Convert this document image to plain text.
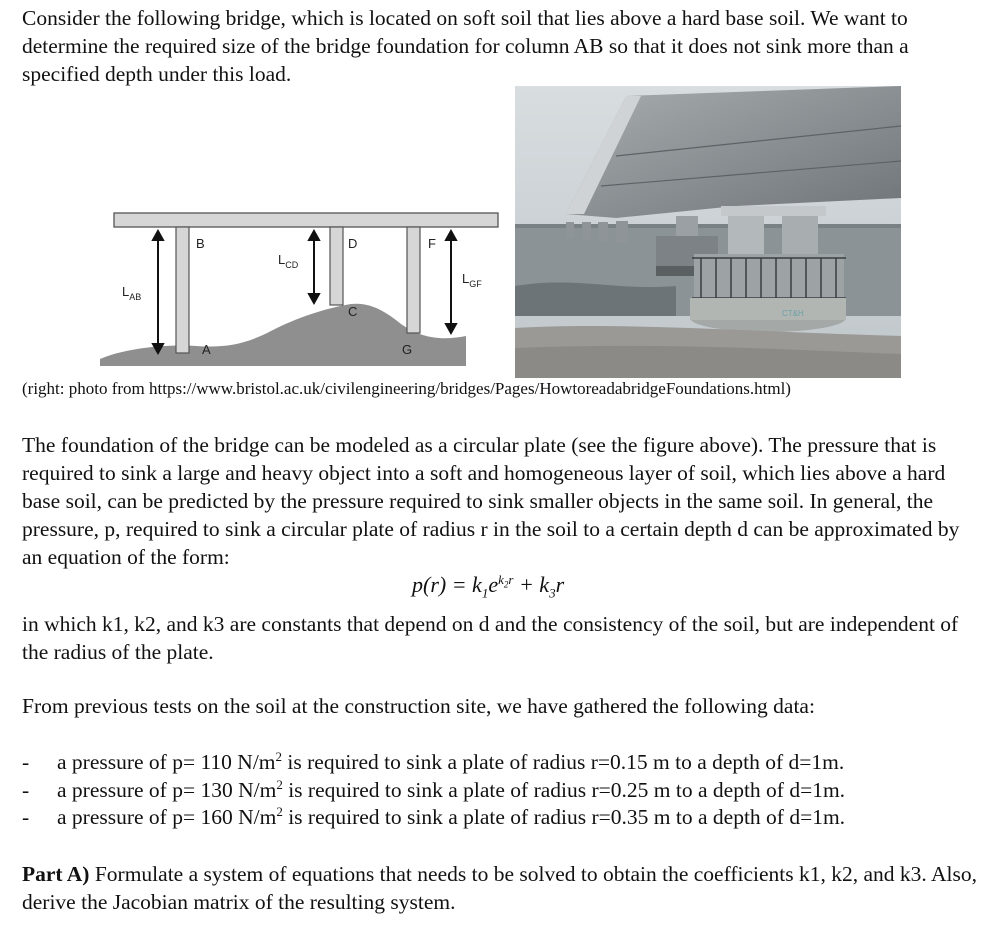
Consider the following bridge, which is located on soft soil that lies above a hard base soil. We want to determine the required size of the bridge foundation for column AB so that it does not sink more than a specified depth under this load.

B	D	F
A
C
G
$L_{AB}$
$L_{CD}$
$L_{GF}$
CT&H

(right: photo from https://www.bristol.ac.uk/civilengineering/bridges/Pages/HowtoreadabridgeFoundations.html)

The foundation of the bridge can be modeled as a circular plate (see the figure above). The pressure that is required to sink a large and heavy object into a soft and homogeneous layer of soil, which lies above a hard base soil, can be predicted by the pressure required to sink smaller objects in the same soil. In general, the pressure, p, required to sink a circular plate of radius r in the soil to a certain depth d can be approximated by an equation of the form:

$p(r) = k_1e^{k_2r} + k_3r$

in which k1, k2, and k3 are constants that depend on d and the consistency of the soil, but are independent of the radius of the plate.

From previous tests on the soil at the construction site, we have gathered the following data:

- a pressure of p= 110 $N/m^2$ is required to sink a plate of radius r=0.15 m to a depth of d=1m.
- a pressure of p= 130 $N/m^2$ is required to sink a plate of radius r=0.25 m to a depth of d=1m.
- a pressure of p= 160 $N/m^2$ is required to sink a plate of radius r=0.35 m to a depth of d=1m.

Part A) Formulate a system of equations that needs to be solved to obtain the coefficients k1, k2, and k3. Also, derive the Jacobian matrix of the resulting system.
